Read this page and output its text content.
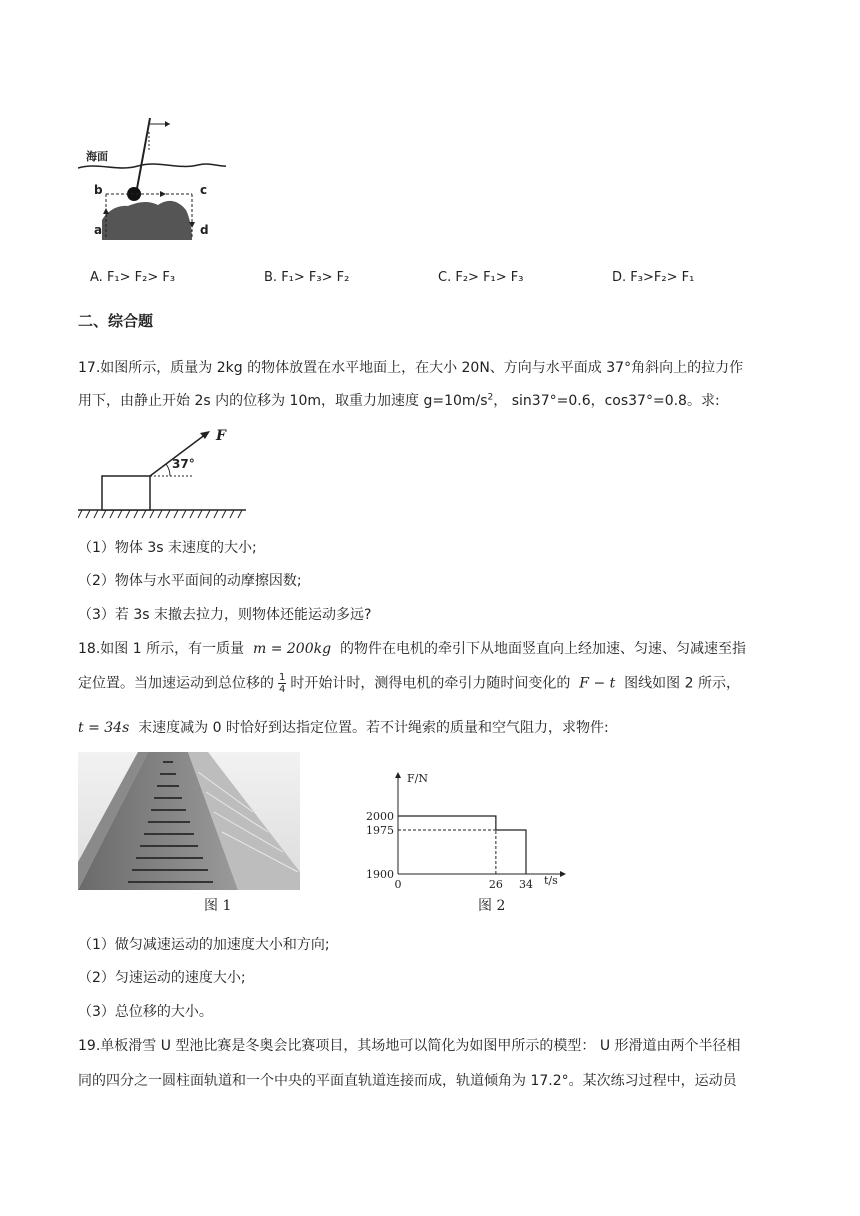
海面
b	c
a	d
A. F₁> F₂> F₃	B. F₁> F₃> F₂	C. F₂> F₁> F₃	D. F₃>F₂> F₁
二、综合题
17.如图所示，质量为 2kg 的物体放置在水平地面上，在大小 20N、方向与水平面成 37°角斜向上的拉力作
用下，由静止开始 2s 内的位移为 10m，取重力加速度 $g=10m/s^2$， sin37°=0.6，cos37°=0.8。求:
F
37°
（1）物体 3s 末速度的大小;
（2）物体与水平面间的动摩擦因数;
（3）若 3s 末撤去拉力，则物体还能运动多远?
18.如图 1 所示，有一质量 m = 200kg 的物件在电机的牵引下从地面竖直向上经加速、匀速、匀减速至指
定位置。当加速运动到总位移的 $\frac{1}{4}$ 时开始计时，测得电机的牵引力随时间变化的 F − t 图线如图 2 所示，
t = 34s 末速度减为 0 时恰好到达指定位置。若不计绳索的质量和空气阻力，求物件:
图 1
F/N
t/s
2000
1975
1900
0	26 34
图 2
（1）做匀减速运动的加速度大小和方向;
（2）匀速运动的速度大小;
（3）总位移的大小。
19.单板滑雪 U 型池比赛是冬奥会比赛项目，其场地可以简化为如图甲所示的模型： U 形滑道由两个半径相
同的四分之一圆柱面轨道和一个中央的平面直轨道连接而成，轨道倾角为 17.2°。某次练习过程中，运动员
